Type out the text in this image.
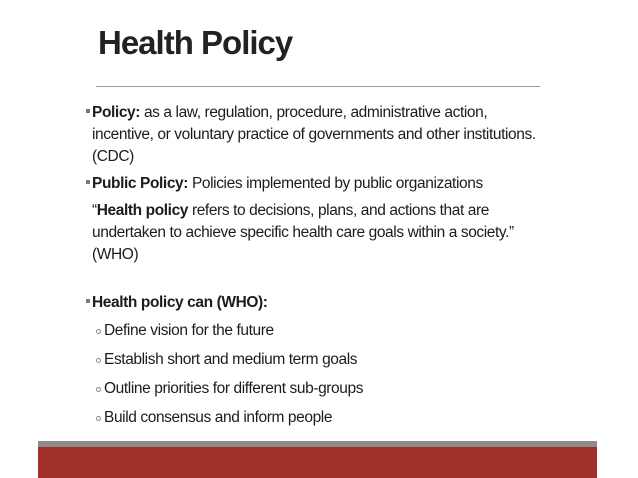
Health Policy

Policy: as a law, regulation, procedure, administrative action, incentive, or voluntary practice of governments and other institutions. (CDC)

Public Policy: Policies implemented by public organizations

“Health policy refers to decisions, plans, and actions that are undertaken to achieve specific health care goals within a society.” (WHO)

Health policy can (WHO):

Define vision for the future

Establish short and medium term goals

Outline priorities for different sub-groups

Build consensus and inform people
